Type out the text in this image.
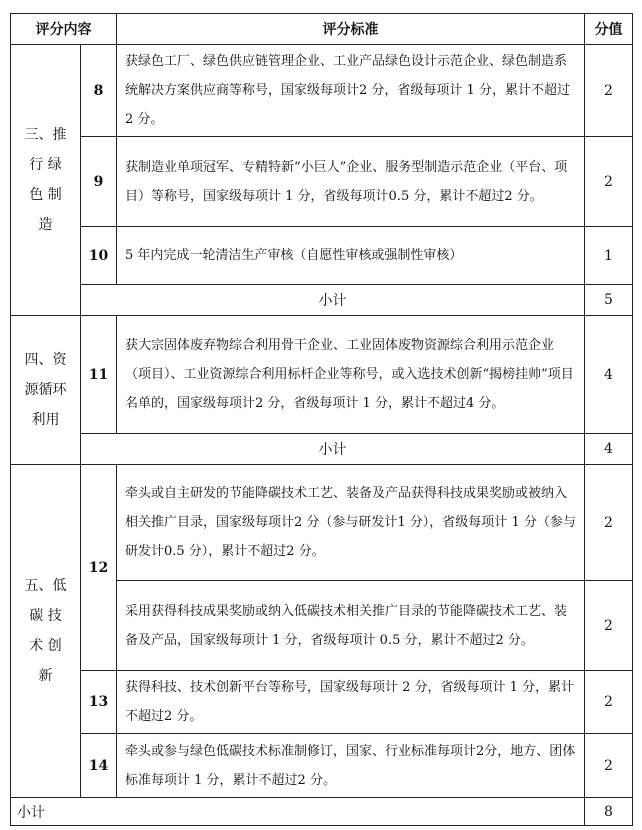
评分内容		评分标准	分值

三、推
行 绿
色 制
造	8	获绿色工厂、绿色供应链管理企业、工业产品绿色设计示范企业、绿色制造系统解决方案供应商等称号，国家级每项计2 分，省级每项计 1 分，累计不超过2 分。	2
	9	获制造业单项冠军、专精特新“小巨人”企业、服务型制造示范企业（平台、项目）等称号，国家级每项计 1 分，省级每项计0.5 分，累计不超过2 分。	2
	10	5 年内完成一轮清洁生产审核（自愿性审核或强制性审核）	1
	小计		5

四、资
源循环
利用	11	获大宗固体废弃物综合利用骨干企业、工业固体废物资源综合利用示范企业（项目）、工业资源综合利用标杆企业等称号，或入选技术创新“揭榜挂帅”项目名单的，国家级每项计2 分，省级每项计 1 分，累计不超过4 分。	4
	小计		4

五、低
碳 技
术 创
新	12	牵头或自主研发的节能降碳技术工艺、装备及产品获得科技成果奖励或被纳入相关推广目录，国家级每项计2 分（参与研发计1 分），省级每项计 1 分（参与研发计0.5 分），累计不超过2 分。	2
		采用获得科技成果奖励或纳入低碳技术相关推广目录的节能降碳技术工艺、装备及产品，国家级每项计 1 分，省级每项计 0.5 分，累计不超过2 分。	2
	13	获得科技、技术创新平台等称号，国家级每项计 2 分，省级每项计 1 分，累计不超过2 分。	2
	14	牵头或参与绿色低碳技术标准制修订，国家、行业标准每项计2分，地方、团体标准每项计 1 分，累计不超过2 分。	2
小计			8
